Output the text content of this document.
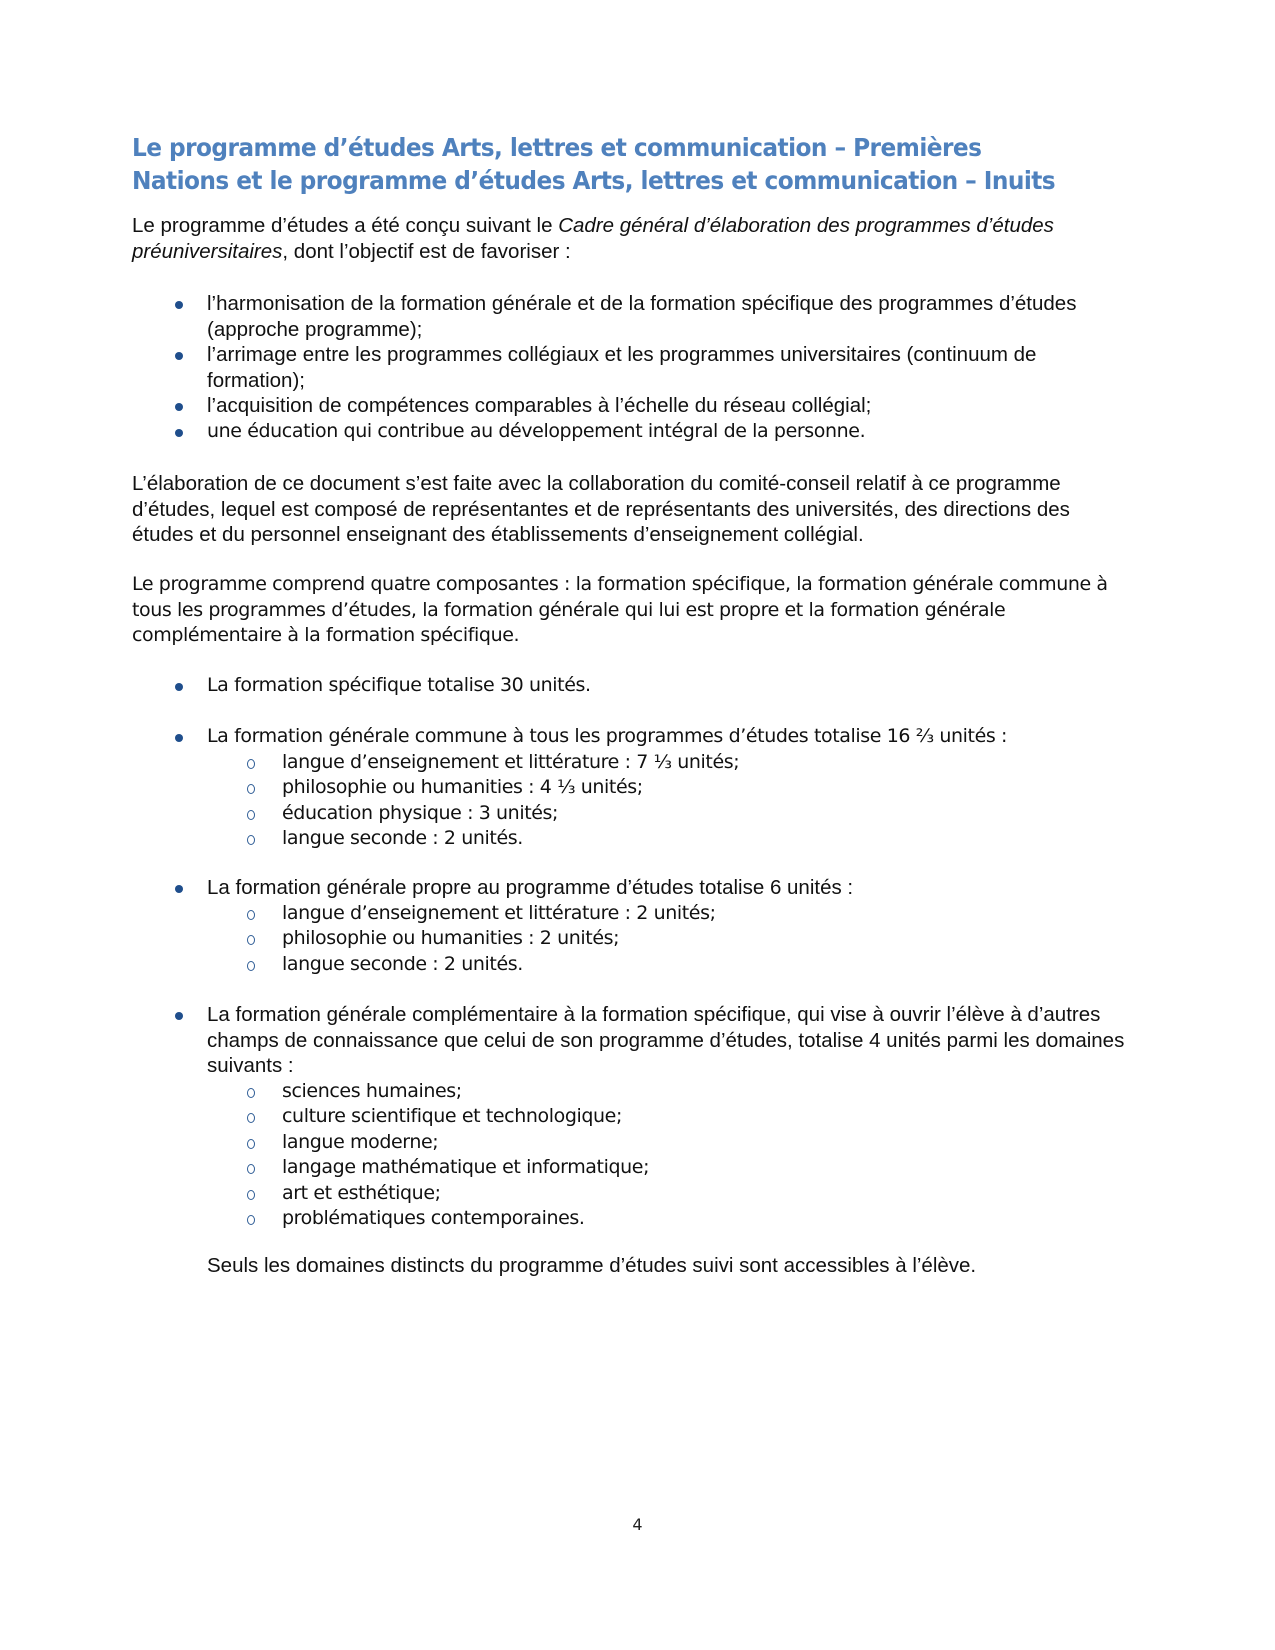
Le programme d’études Arts, lettres et communication – Premières Nations et le programme d’études Arts, lettres et communication – Inuits

Le programme d’études a été conçu suivant le Cadre général d’élaboration des programmes d’études préuniversitaires, dont l’objectif est de favoriser :

l’harmonisation de la formation générale et de la formation spécifique des programmes d’études (approche programme);
l’arrimage entre les programmes collégiaux et les programmes universitaires (continuum de formation);
l’acquisition de compétences comparables à l’échelle du réseau collégial;
une éducation qui contribue au développement intégral de la personne.

L’élaboration de ce document s’est faite avec la collaboration du comité-conseil relatif à ce programme d’études, lequel est composé de représentantes et de représentants des universités, des directions des études et du personnel enseignant des établissements d’enseignement collégial.

Le programme comprend quatre composantes : la formation spécifique, la formation générale commune à tous les programmes d’études, la formation générale qui lui est propre et la formation générale complémentaire à la formation spécifique.

La formation spécifique totalise 30 unités.
La formation générale commune à tous les programmes d’études totalise 16 ⅔ unités :
langue d’enseignement et littérature : 7 ⅓ unités;
philosophie ou humanities : 4 ⅓ unités;
éducation physique : 3 unités;
langue seconde : 2 unités.
La formation générale propre au programme d’études totalise 6 unités :
langue d’enseignement et littérature : 2 unités;
philosophie ou humanities : 2 unités;
langue seconde : 2 unités.
La formation générale complémentaire à la formation spécifique, qui vise à ouvrir l’élève à d’autres champs de connaissance que celui de son programme d’études, totalise 4 unités parmi les domaines suivants :
sciences humaines;
culture scientifique et technologique;
langue moderne;
langage mathématique et informatique;
art et esthétique;
problématiques contemporaines.

Seuls les domaines distincts du programme d’études suivi sont accessibles à l’élève.

4
